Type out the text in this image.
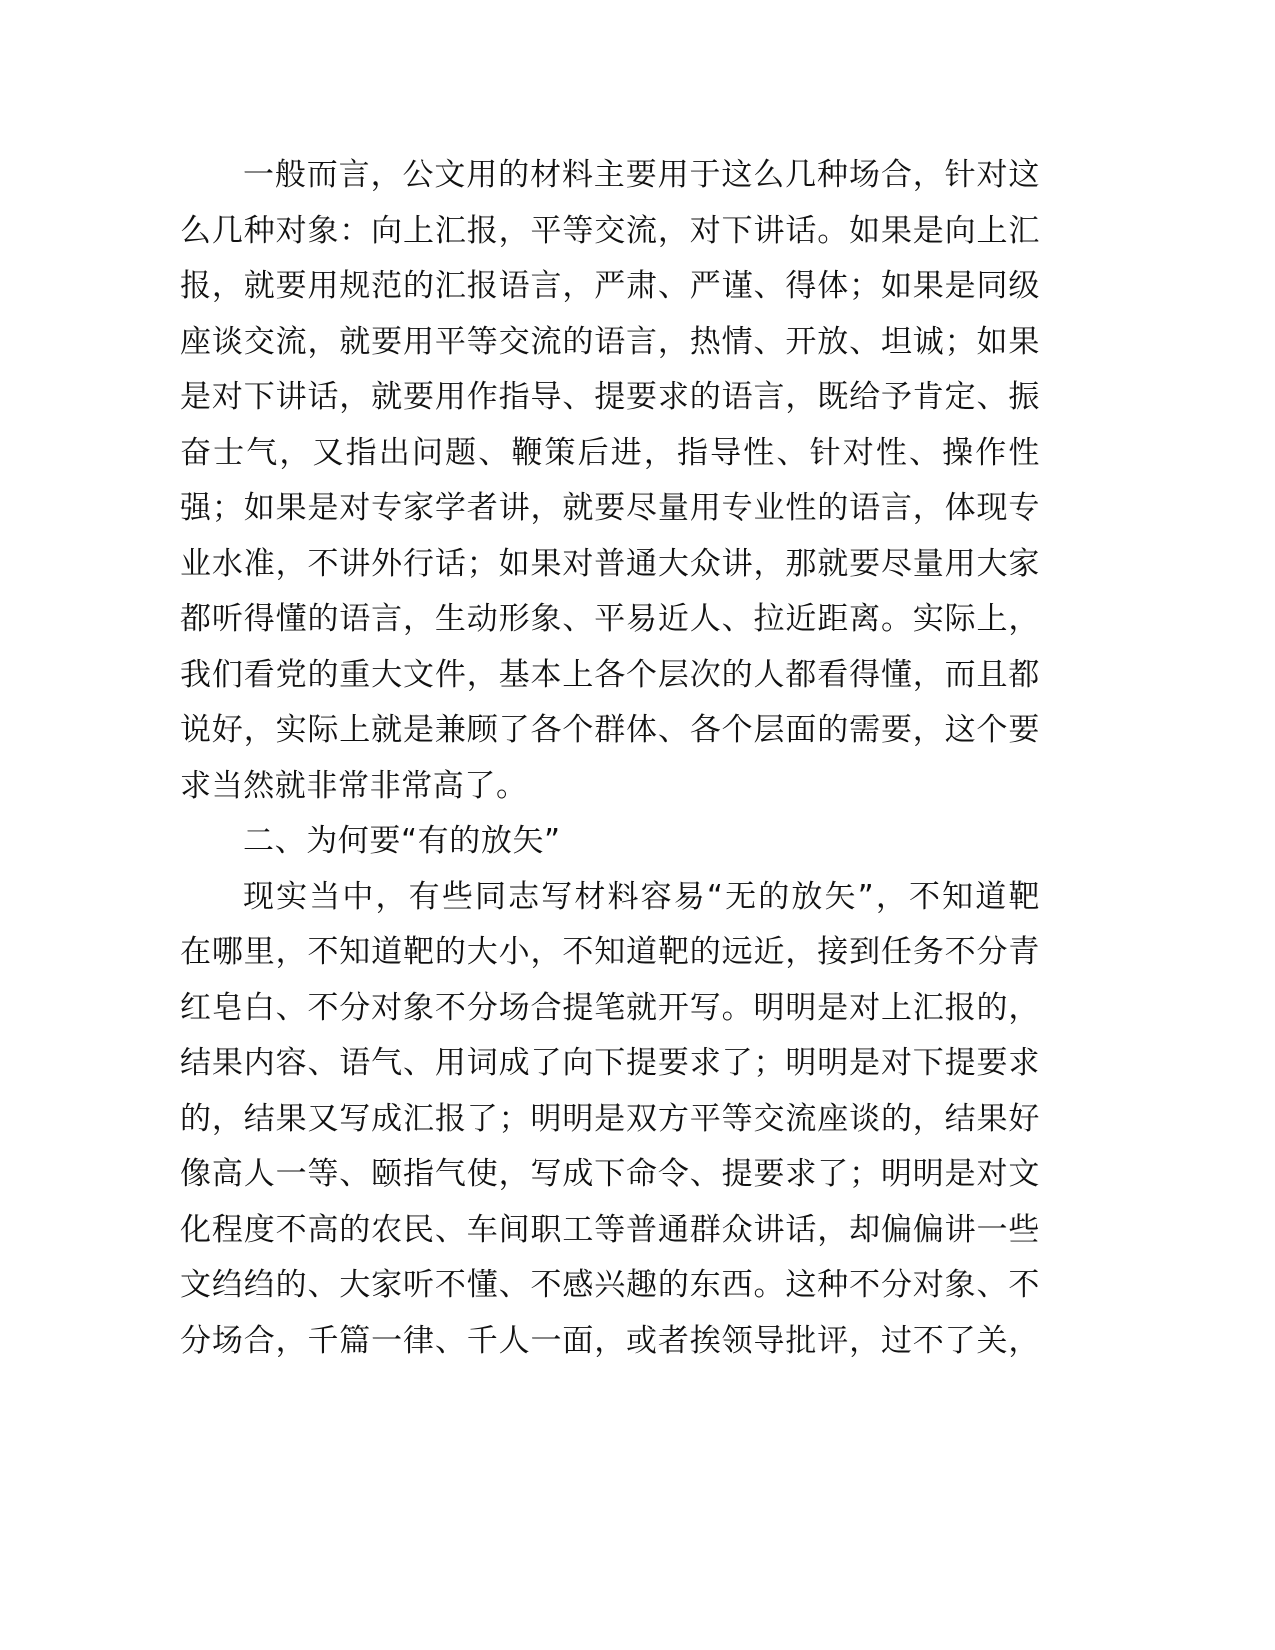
一般而言，公文用的材料主要用于这么几种场合，针对这
么几种对象：向上汇报，平等交流，对下讲话。如果是向上汇
报，就要用规范的汇报语言，严肃、严谨、得体；如果是同级
座谈交流，就要用平等交流的语言，热情、开放、坦诚；如果
是对下讲话，就要用作指导、提要求的语言，既给予肯定、振
奋士气，又指出问题、鞭策后进，指导性、针对性、操作性
强；如果是对专家学者讲，就要尽量用专业性的语言，体现专
业水准，不讲外行话；如果对普通大众讲，那就要尽量用大家
都听得懂的语言，生动形象、平易近人、拉近距离。实际上，
我们看党的重大文件，基本上各个层次的人都看得懂，而且都
说好，实际上就是兼顾了各个群体、各个层面的需要，这个要
求当然就非常非常高了。
二、为何要“有的放矢”
现实当中，有些同志写材料容易“无的放矢”，不知道靶
在哪里，不知道靶的大小，不知道靶的远近，接到任务不分青
红皂白、不分对象不分场合提笔就开写。明明是对上汇报的，
结果内容、语气、用词成了向下提要求了；明明是对下提要求
的，结果又写成汇报了；明明是双方平等交流座谈的，结果好
像高人一等、颐指气使，写成下命令、提要求了；明明是对文
化程度不高的农民、车间职工等普通群众讲话，却偏偏讲一些
文绉绉的、大家听不懂、不感兴趣的东西。这种不分对象、不
分场合，千篇一律、千人一面，或者挨领导批评，过不了关，
